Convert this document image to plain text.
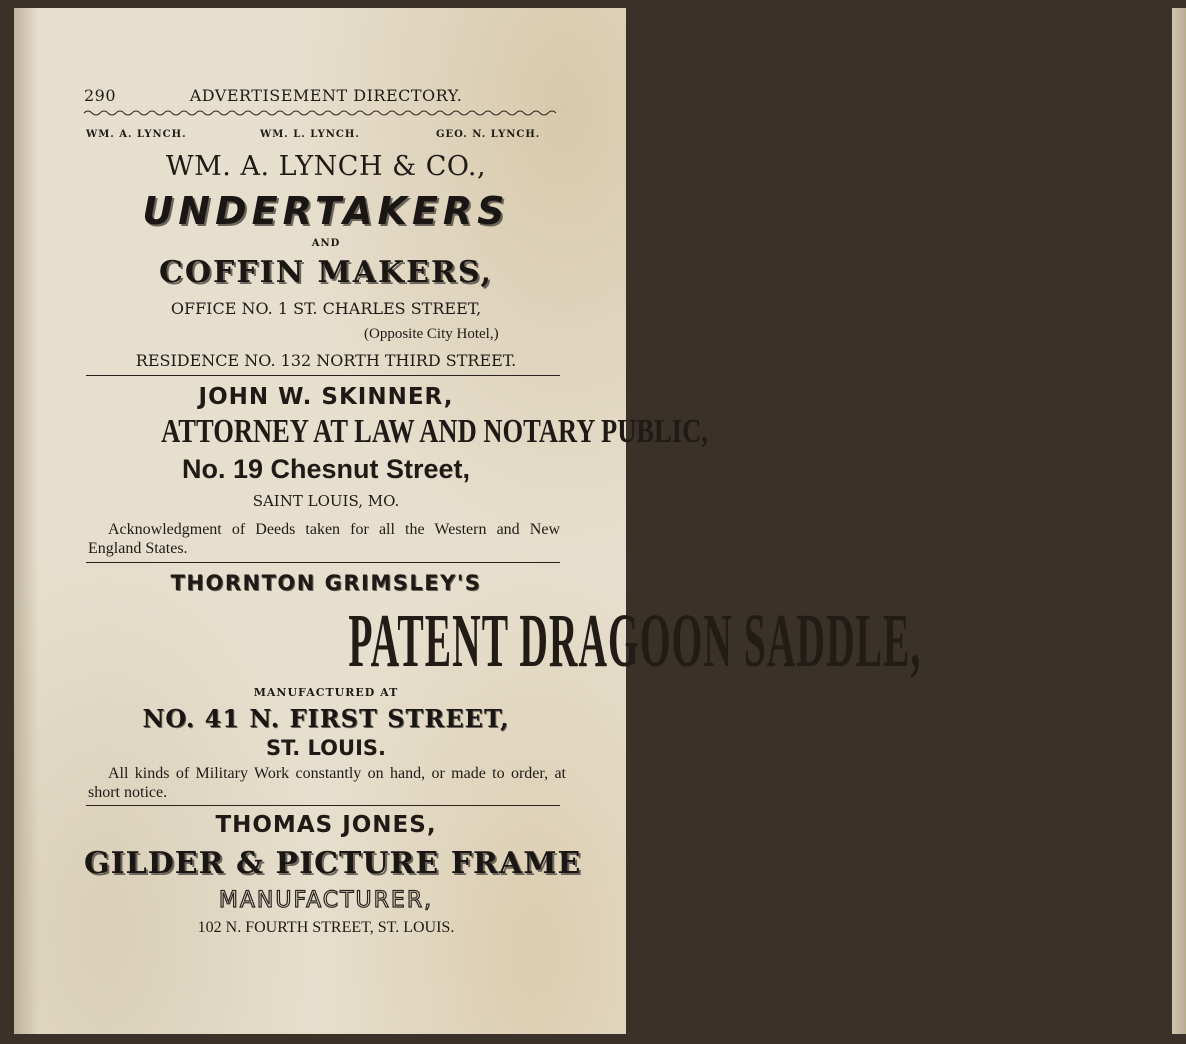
290	ADVERTISEMENT DIRECTORY.
WM. A. LYNCH.	WM. L. LYNCH.	GEO. N. LYNCH.
WM. A. LYNCH & CO.,
UNDERTAKERS
AND
COFFIN MAKERS,
OFFICE NO. 1 ST. CHARLES STREET,
(Opposite City Hotel,)
RESIDENCE NO. 132 NORTH THIRD STREET.
JOHN W. SKINNER,
ATTORNEY AT LAW AND NOTARY PUBLIC,
No. 19 Chesnut Street,
SAINT LOUIS, MO.
Acknowledgment of Deeds taken for all the Western and New England States.
THORNTON GRIMSLEY'S
PATENT DRAGOON SADDLE,
MANUFACTURED AT
NO. 41 N. FIRST STREET,
ST. LOUIS.
All kinds of Military Work constantly on hand, or made to order, at short notice.
THOMAS JONES,
GILDER & PICTURE FRAME
MANUFACTURER,
102 N. FOURTH STREET, ST. LOUIS.
